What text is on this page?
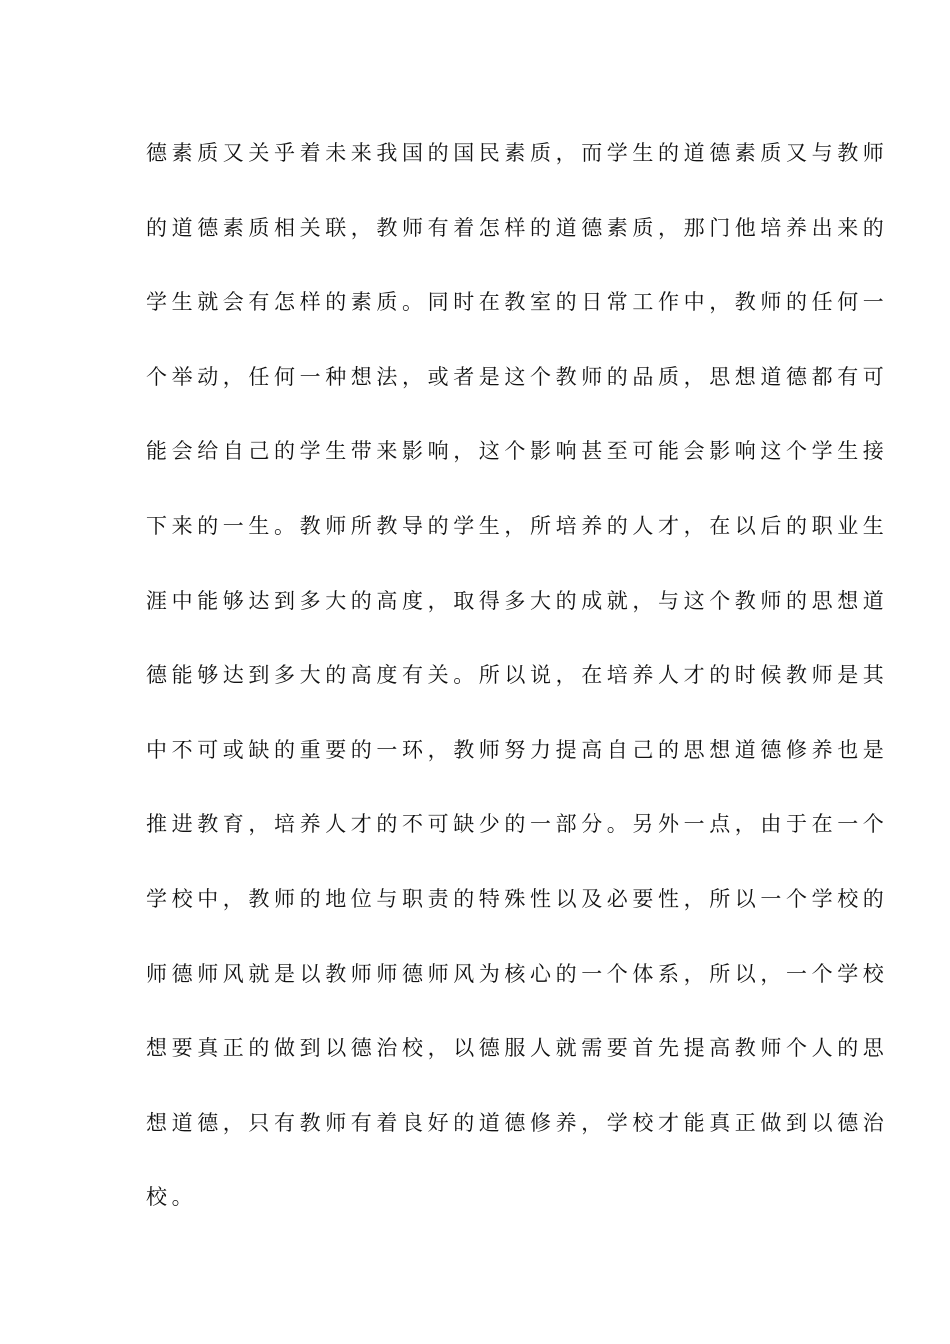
德素质又关乎着未来我国的国民素质，而学生的道德素质又与教师
的道德素质相关联，教师有着怎样的道德素质，那门他培养出来的
学生就会有怎样的素质。同时在教室的日常工作中，教师的任何一
个举动，任何一种想法，或者是这个教师的品质，思想道德都有可
能会给自己的学生带来影响，这个影响甚至可能会影响这个学生接
下来的一生。教师所教导的学生，所培养的人才，在以后的职业生
涯中能够达到多大的高度，取得多大的成就，与这个教师的思想道
德能够达到多大的高度有关。所以说，在培养人才的时候教师是其
中不可或缺的重要的一环，教师努力提高自己的思想道德修养也是
推进教育，培养人才的不可缺少的一部分。另外一点，由于在一个
学校中，教师的地位与职责的特殊性以及必要性，所以一个学校的
师德师风就是以教师师德师风为核心的一个体系，所以，一个学校
想要真正的做到以德治校，以德服人就需要首先提高教师个人的思
想道德，只有教师有着良好的道德修养，学校才能真正做到以德治
校。
